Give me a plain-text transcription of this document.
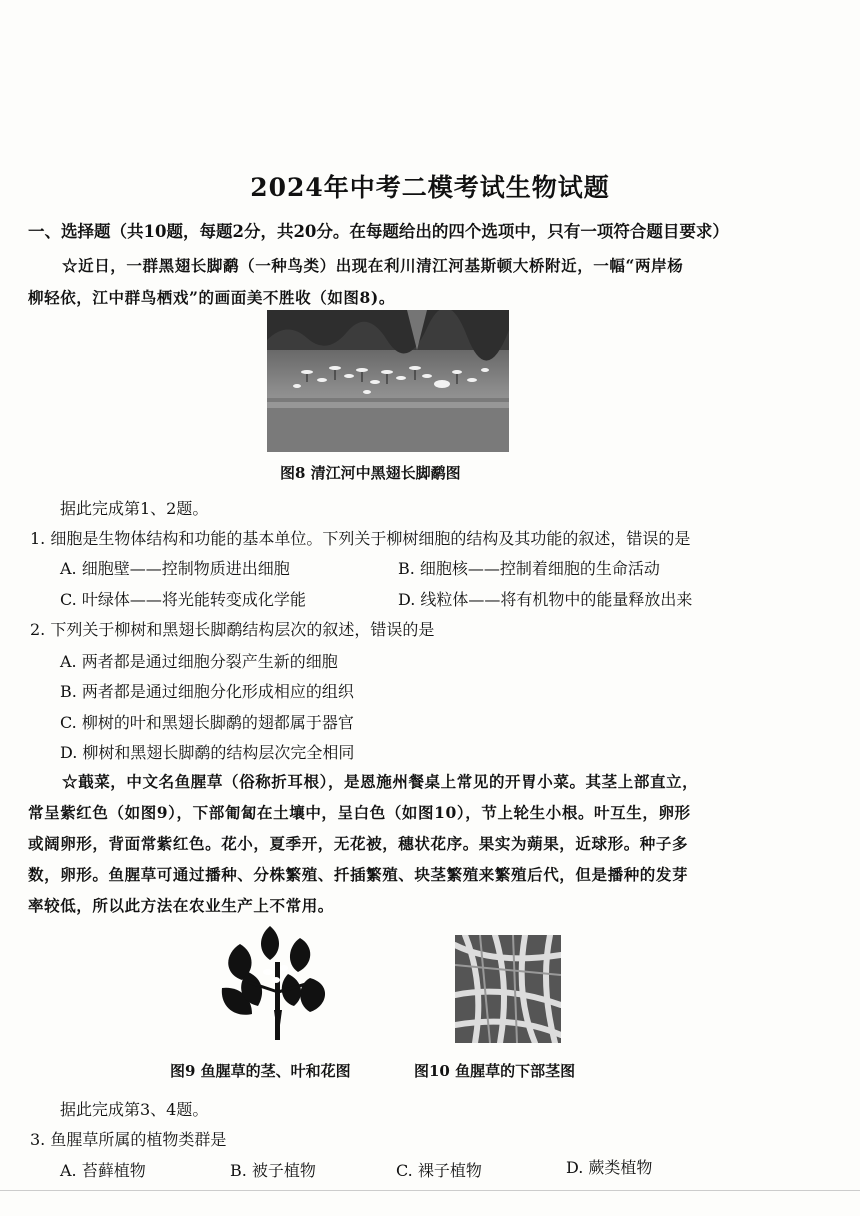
2024年中考二模考试生物试题
一、选择题（共10题，每题2分，共20分。在每题给出的四个选项中，只有一项符合题目要求）
☆近日，一群黑翅长脚鹬（一种鸟类）出现在利川清江河基斯顿大桥附近，一幅“两岸杨
柳轻依，江中群鸟栖戏”的画面美不胜收（如图8)。
图8 清江河中黑翅长脚鹬图
据此完成第1、2题。
1. 细胞是生物体结构和功能的基本单位。下列关于柳树细胞的结构及其功能的叙述，错误的是
A. 细胞壁——控制物质进出细胞	B. 细胞核——控制着细胞的生命活动
C. 叶绿体——将光能转变成化学能	D. 线粒体——将有机物中的能量释放出来
2. 下列关于柳树和黑翅长脚鹬结构层次的叙述，错误的是
A. 两者都是通过细胞分裂产生新的细胞
B. 两者都是通过细胞分化形成相应的组织
C. 柳树的叶和黑翅长脚鹬的翅都属于器官
D. 柳树和黑翅长脚鹬的结构层次完全相同
☆蕺菜，中文名鱼腥草（俗称折耳根），是恩施州餐桌上常见的开胃小菜。其茎上部直立，
常呈紫红色（如图9），下部匍匐在土壤中，呈白色（如图10），节上轮生小根。叶互生，卵形
或阔卵形，背面常紫红色。花小，夏季开，无花被，穗状花序。果实为蒴果，近球形。种子多
数，卵形。鱼腥草可通过播种、分株繁殖、扦插繁殖、块茎繁殖来繁殖后代，但是播种的发芽
率较低，所以此方法在农业生产上不常用。
图9 鱼腥草的茎、叶和花图	图10 鱼腥草的下部茎图
据此完成第3、4题。
3. 鱼腥草所属的植物类群是
A. 苔藓植物	B. 被子植物	C. 裸子植物	D. 蕨类植物
